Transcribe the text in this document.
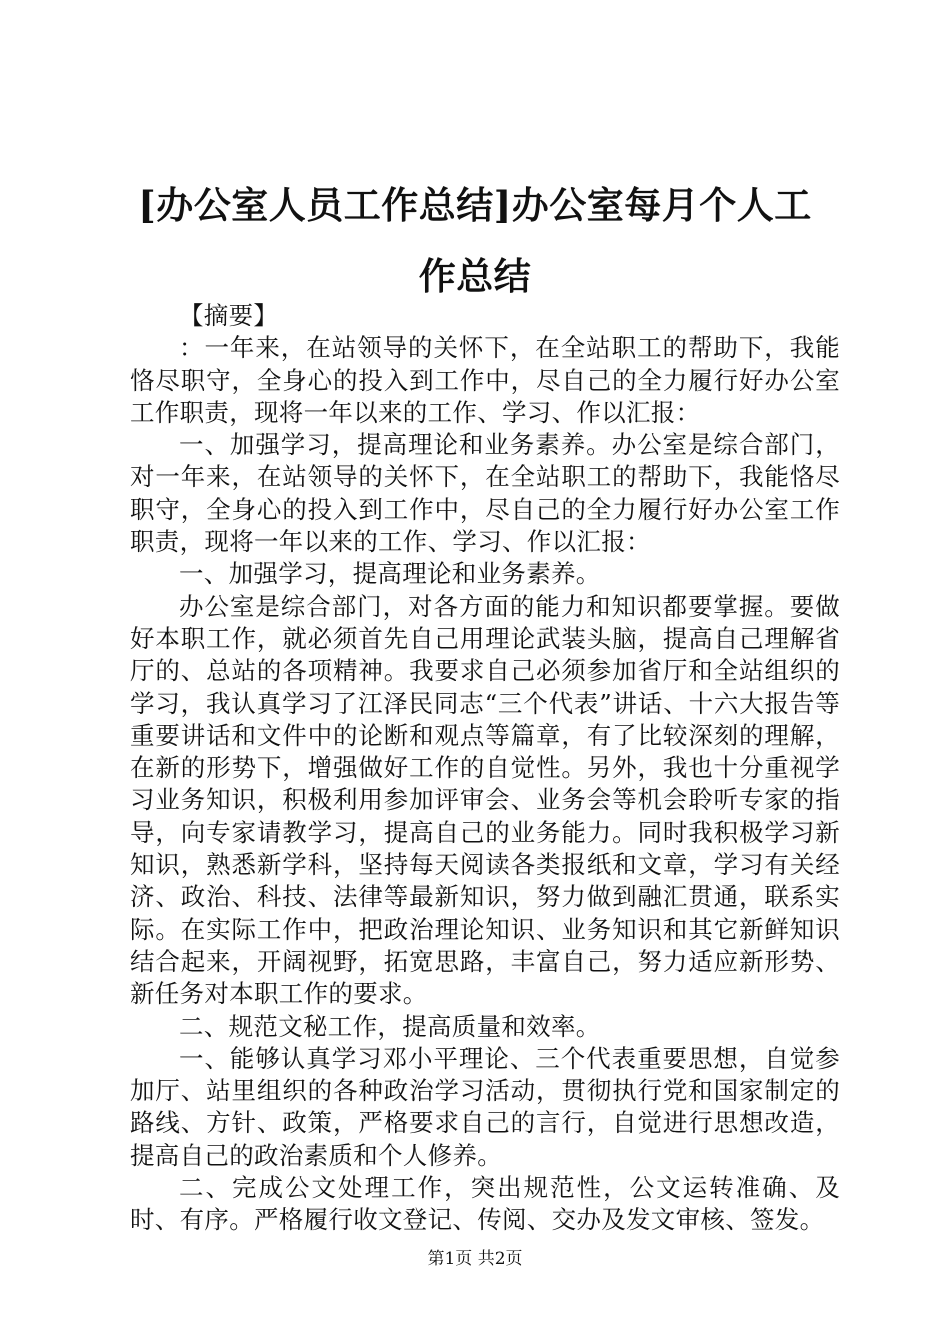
[办公室人员工作总结]办公室每月个人工作总结

【摘要】

：一年来，在站领导的关怀下，在全站职工的帮助下，我能恪尽职守，全身心的投入到工作中，尽自己的全力履行好办公室工作职责，现将一年以来的工作、学习、作以汇报：

一、加强学习，提高理论和业务素养。办公室是综合部门，对一年来，在站领导的关怀下，在全站职工的帮助下，我能恪尽职守，全身心的投入到工作中，尽自己的全力履行好办公室工作职责，现将一年以来的工作、学习、作以汇报：

一、加强学习，提高理论和业务素养。

办公室是综合部门，对各方面的能力和知识都要掌握。要做好本职工作，就必须首先自己用理论武装头脑，提高自己理解省厅的、总站的各项精神。我要求自己必须参加省厅和全站组织的学习，我认真学习了江泽民同志“三个代表”讲话、十六大报告等重要讲话和文件中的论断和观点等篇章，有了比较深刻的理解，在新的形势下，增强做好工作的自觉性。另外，我也十分重视学习业务知识，积极利用参加评审会、业务会等机会聆听专家的指导，向专家请教学习，提高自己的业务能力。同时我积极学习新知识，熟悉新学科，坚持每天阅读各类报纸和文章，学习有关经济、政治、科技、法律等最新知识，努力做到融汇贯通，联系实际。在实际工作中，把政治理论知识、业务知识和其它新鲜知识结合起来，开阔视野，拓宽思路，丰富自己，努力适应新形势、新任务对本职工作的要求。

二、规范文秘工作，提高质量和效率。

一、能够认真学习邓小平理论、三个代表重要思想，自觉参加厅、站里组织的各种政治学习活动，贯彻执行党和国家制定的路线、方针、政策，严格要求自己的言行，自觉进行思想改造，提高自己的政治素质和个人修养。

二、完成公文处理工作，突出规范性，公文运转准确、及时、有序。严格履行收文登记、传阅、交办及发文审核、签发。

第1页 共2页
